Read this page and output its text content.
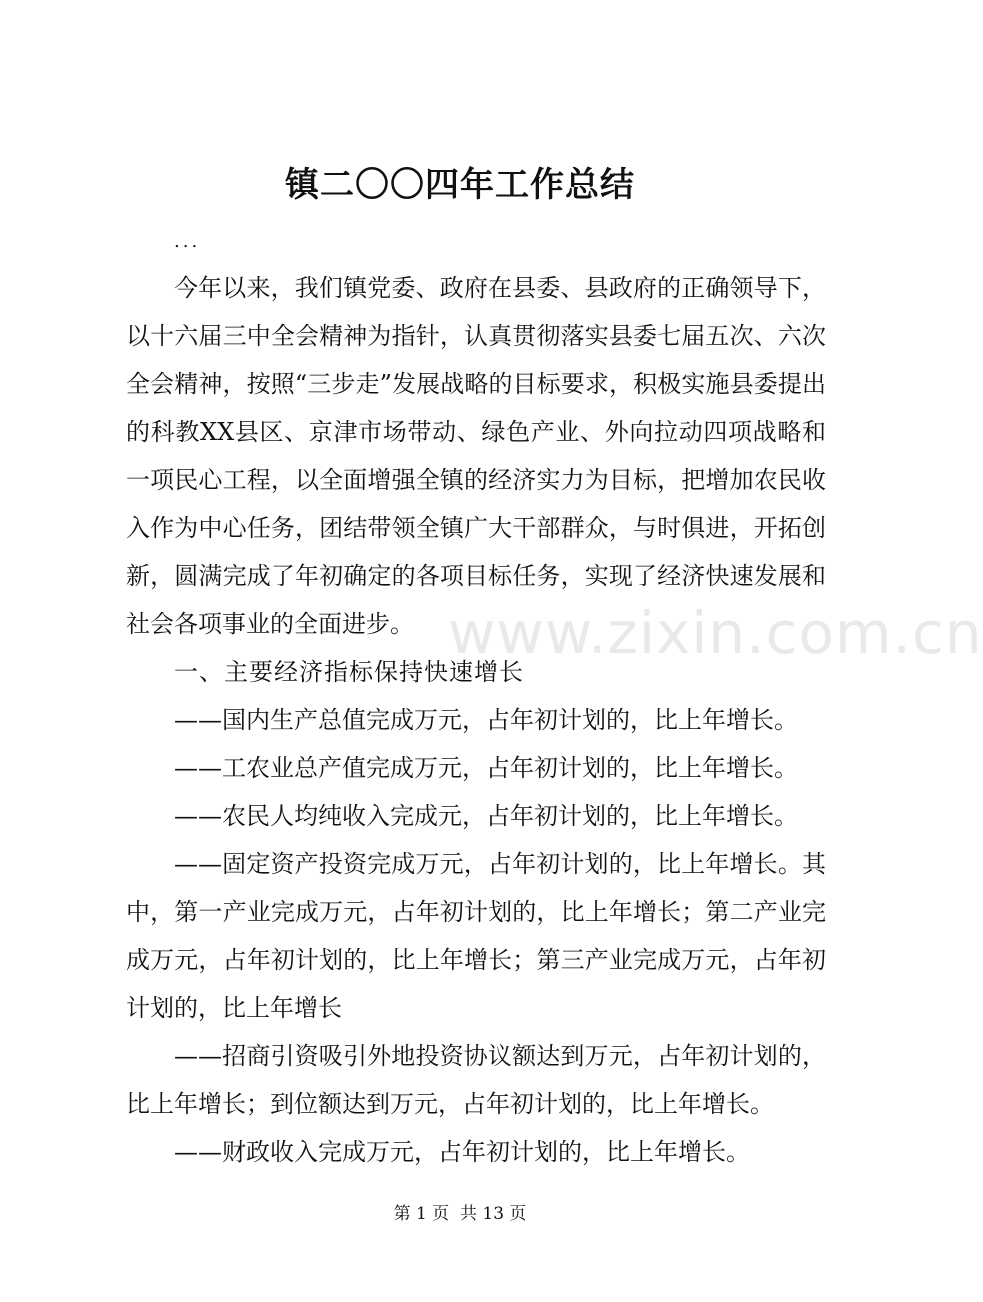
镇二〇〇四年工作总结
...

今年以来，我们镇党委、政府在县委、县政府的正确领导下，以十六届三中全会精神为指针，认真贯彻落实县委七届五次、六次全会精神，按照“三步走”发展战略的目标要求，积极实施县委提出的科教XX县区、京津市场带动、绿色产业、外向拉动四项战略和一项民心工程，以全面增强全镇的经济实力为目标，把增加农民收入作为中心任务，团结带领全镇广大干部群众，与时俱进，开拓创新，圆满完成了年初确定的各项目标任务，实现了经济快速发展和社会各项事业的全面进步。

一、主要经济指标保持快速增长

——国内生产总值完成万元，占年初计划的，比上年增长。

——工农业总产值完成万元，占年初计划的，比上年增长。

——农民人均纯收入完成元，占年初计划的，比上年增长。

——固定资产投资完成万元，占年初计划的，比上年增长。其中，第一产业完成万元，占年初计划的，比上年增长；第二产业完成万元，占年初计划的，比上年增长；第三产业完成万元，占年初计划的，比上年增长

——招商引资吸引外地投资协议额达到万元，占年初计划的，比上年增长；到位额达到万元，占年初计划的，比上年增长。

——财政收入完成万元，占年初计划的，比上年增长。

www.zixin.com.cn
第 1 页  共 13 页
